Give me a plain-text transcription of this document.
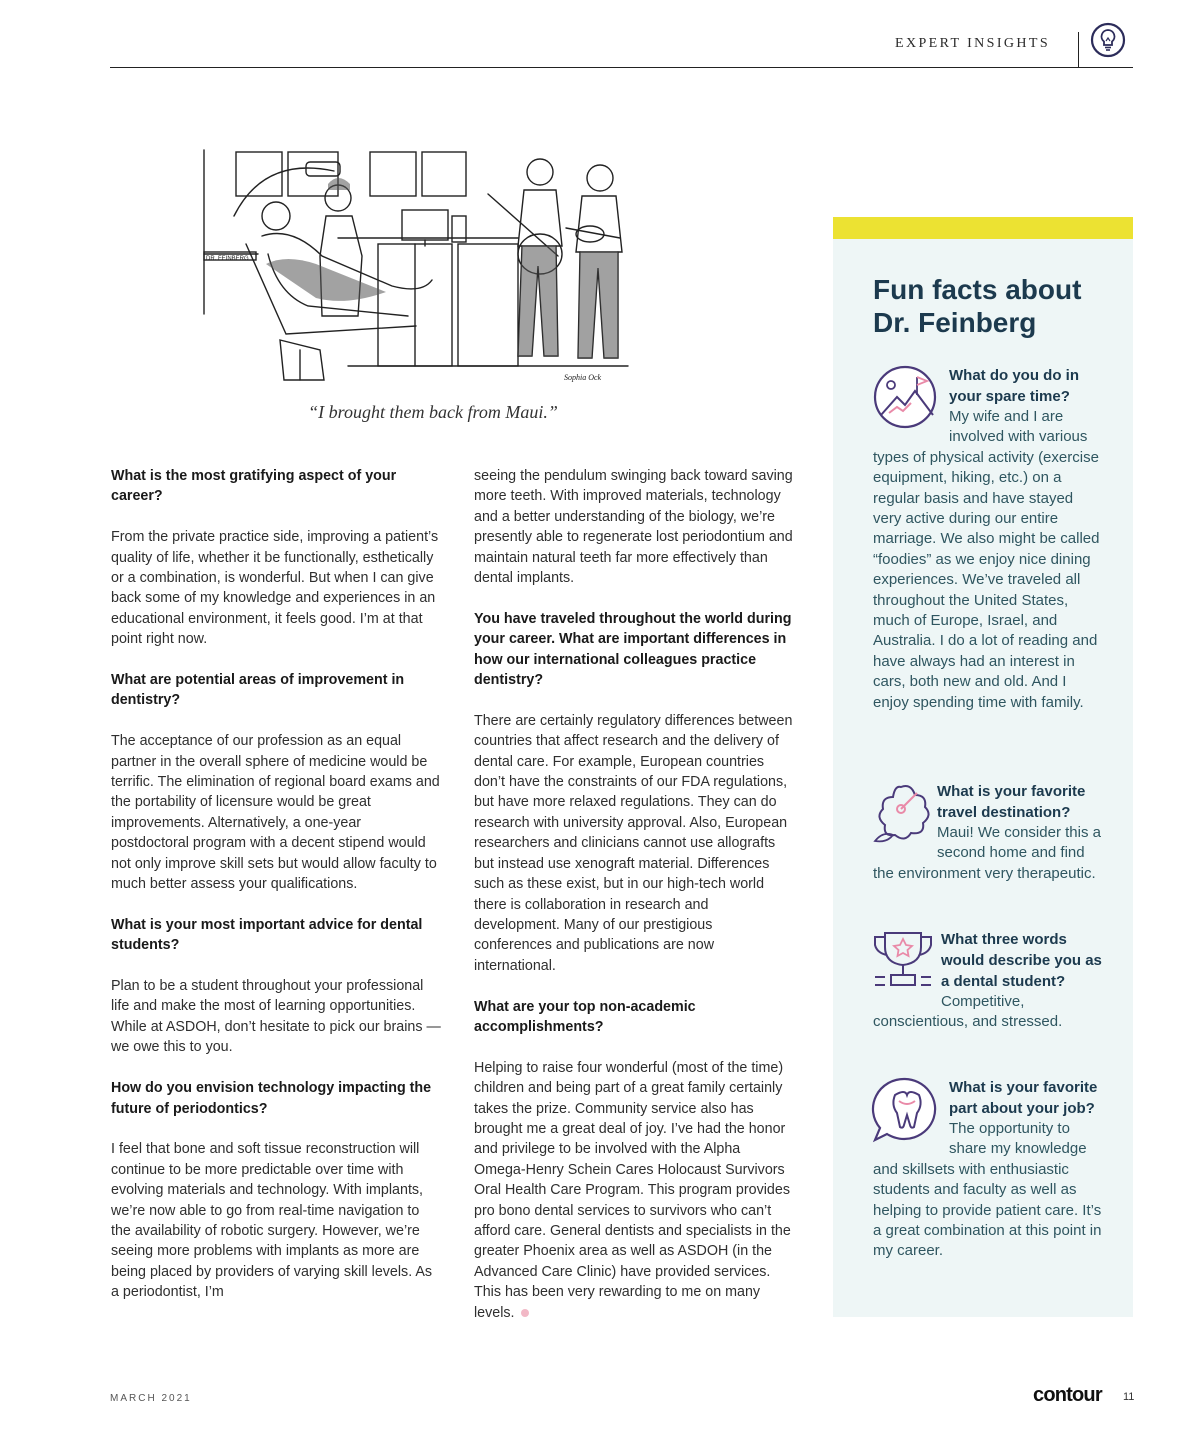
EXPERT INSIGHTS
DR. FEINBERG
Sophia Ock
“I brought them back from Maui.”

What is the most gratifying aspect of your career?

From the private practice side, improving a patient’s quality of life, whether it be functionally, esthetically or a combination, is wonderful. But when I can give back some of my knowledge and experiences in an educational environment, it feels good. I’m at that point right now.

What are potential areas of improvement in dentistry?

The acceptance of our profession as an equal partner in the overall sphere of medicine would be terrific. The elimination of regional board exams and the portability of licensure would be great improvements. Alternatively, a one-year postdoctoral program with a decent stipend would not only improve skill sets but would allow faculty to much better assess your qualifications.

What is your most important advice for dental students?

Plan to be a student throughout your professional life and make the most of learning opportunities. While at ASDOH, don’t hesitate to pick our brains — we owe this to you.

How do you envision technology impacting the future of periodontics?

I feel that bone and soft tissue reconstruction will continue to be more predictable over time with evolving materials and technology. With implants, we’re now able to go from real-time navigation to the availability of robotic surgery. However, we’re seeing more problems with implants as more are being placed by providers of varying skill levels. As a periodontist, I’m

seeing the pendulum swinging back toward saving more teeth. With improved materials, technology and a better understanding of the biology, we’re presently able to regenerate lost periodontium and maintain natural teeth far more effectively than dental implants.

You have traveled throughout the world during your career. What are important differences in how our international colleagues practice dentistry?

There are certainly regulatory differences between countries that affect research and the delivery of dental care. For example, European countries don’t have the constraints of our FDA regulations, but have more relaxed regulations. They can do research with university approval. Also, European researchers and clinicians cannot use allografts but instead use xenograft material. Differences such as these exist, but in our high-tech world there is collaboration in research and development. Many of our prestigious conferences and publications are now international.

What are your top non-academic accomplishments?

Helping to raise four wonderful (most of the time) children and being part of a great family certainly takes the prize. Community service also has brought me a great deal of joy. I’ve had the honor and privilege to be involved with the Alpha Omega-Henry Schein Cares Holocaust Survivors Oral Health Care Program. This program provides pro bono dental services to survivors who can’t afford care. General dentists and specialists in the greater Phoenix area as well as ASDOH (in the Advanced Care Clinic) have provided services. This has been very rewarding to me on many levels.

Fun facts about Dr. Feinberg
What do you do in your spare time?
My wife and I are involved with various types of physical activity (exercise equipment, hiking, etc.) on a regular basis and have stayed very active during our entire marriage. We also might be called “foodies” as we enjoy nice dining experiences. We’ve traveled all throughout the United States, much of Europe, Israel, and Australia. I do a lot of reading and have always had an interest in cars, both new and old. And I enjoy spending time with family.
What is your favorite travel destination?
Maui! We consider this a second home and find the environment very therapeutic.
What three words would describe you as a dental student?
Competitive, conscientious, and stressed.
What is your favorite part about your job?
The opportunity to share my knowledge and skillsets with enthusiastic students and faculty as well as helping to provide patient care. It’s a great combination at this point in my career.
MARCH 2021	contour 11
